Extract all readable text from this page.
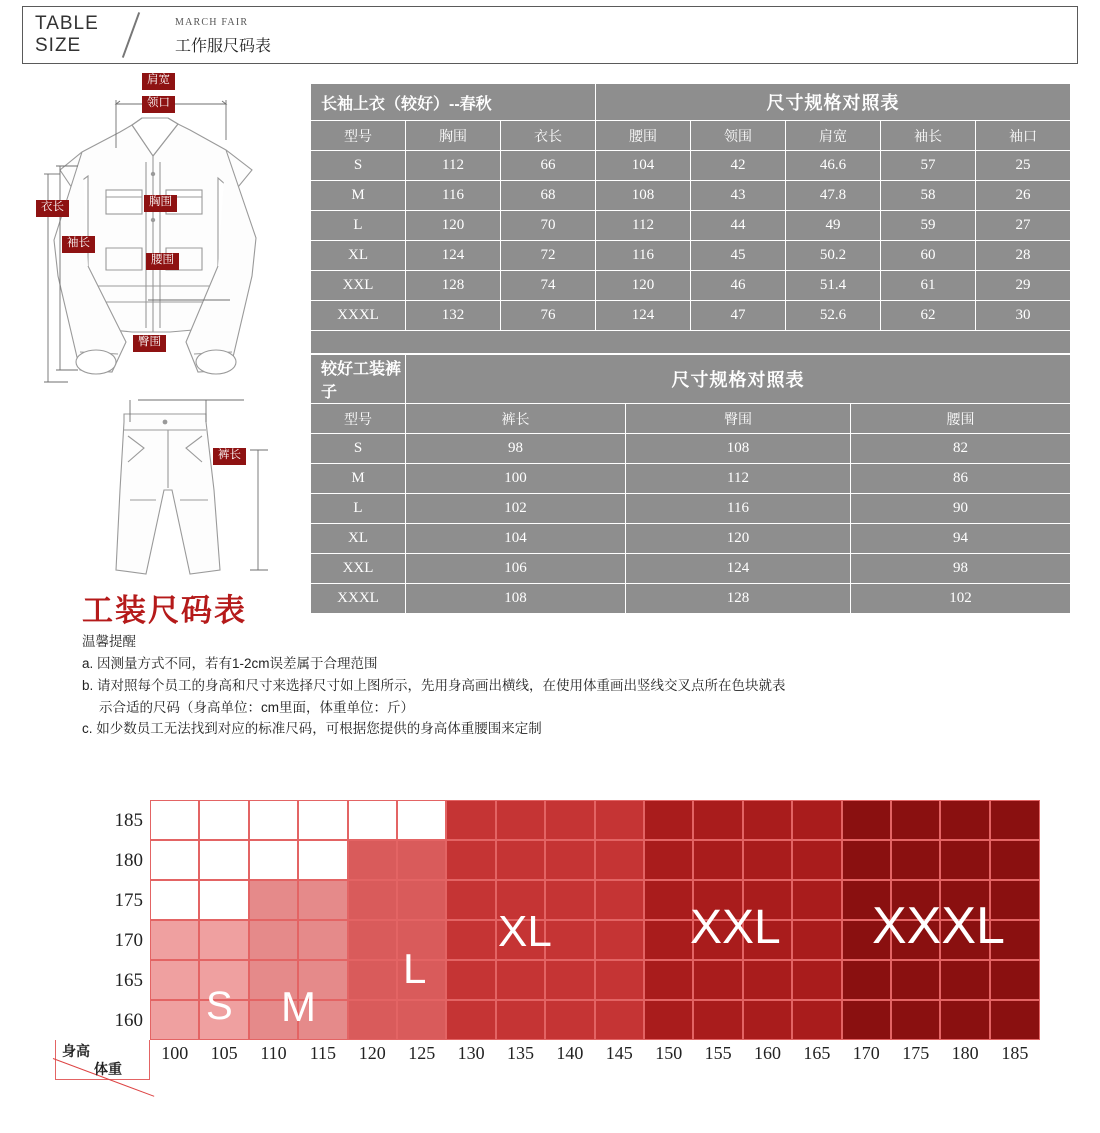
TABLE
SIZE
MARCH FAIR
工作服尺码表
肩宽
领口
胸围
衣长
袖长
腰围
臀围
裤长
长袖上衣（较好）--春秋			尺寸规格对照表				
型号	胸围	衣长	腰围	领围	肩宽	袖长	袖口
S	112	66	104	42	46.6	57	25
M	116	68	108	43	47.8	58	26
L	120	70	112	44	49	59	27
XL	124	72	116	45	50.2	60	28
XXL	128	74	120	46	51.4	61	29
XXXL	132	76	124	47	52.6	62	30

较好工装裤子	尺寸规格对照表		
型号	裤长	臀围	腰围
S	98	108	82
M	100	112	86
L	102	116	90
XL	104	120	94
XXL	106	124	98
XXXL	108	128	102
工装尺码表
温馨提醒
a. 因测量方式不同，若有1-2cm误差属于合理范围
b. 请对照每个员工的身高和尺寸来选择尺寸如上图所示，先用身高画出横线，在使用体重画出竖线交叉点所在色块就表
示合适的尺码（身高单位：cm里面，体重单位：斤）
c. 如少数员工无法找到对应的标准尺码，可根据您提供的身高体重腰围来定制
185
180
175
170
165
160
身高
体重
S M
L
XL	XXL XXXL
100	105	110	115	120	125	130	135	140	145	150	155	160	165	170	175	180	185
